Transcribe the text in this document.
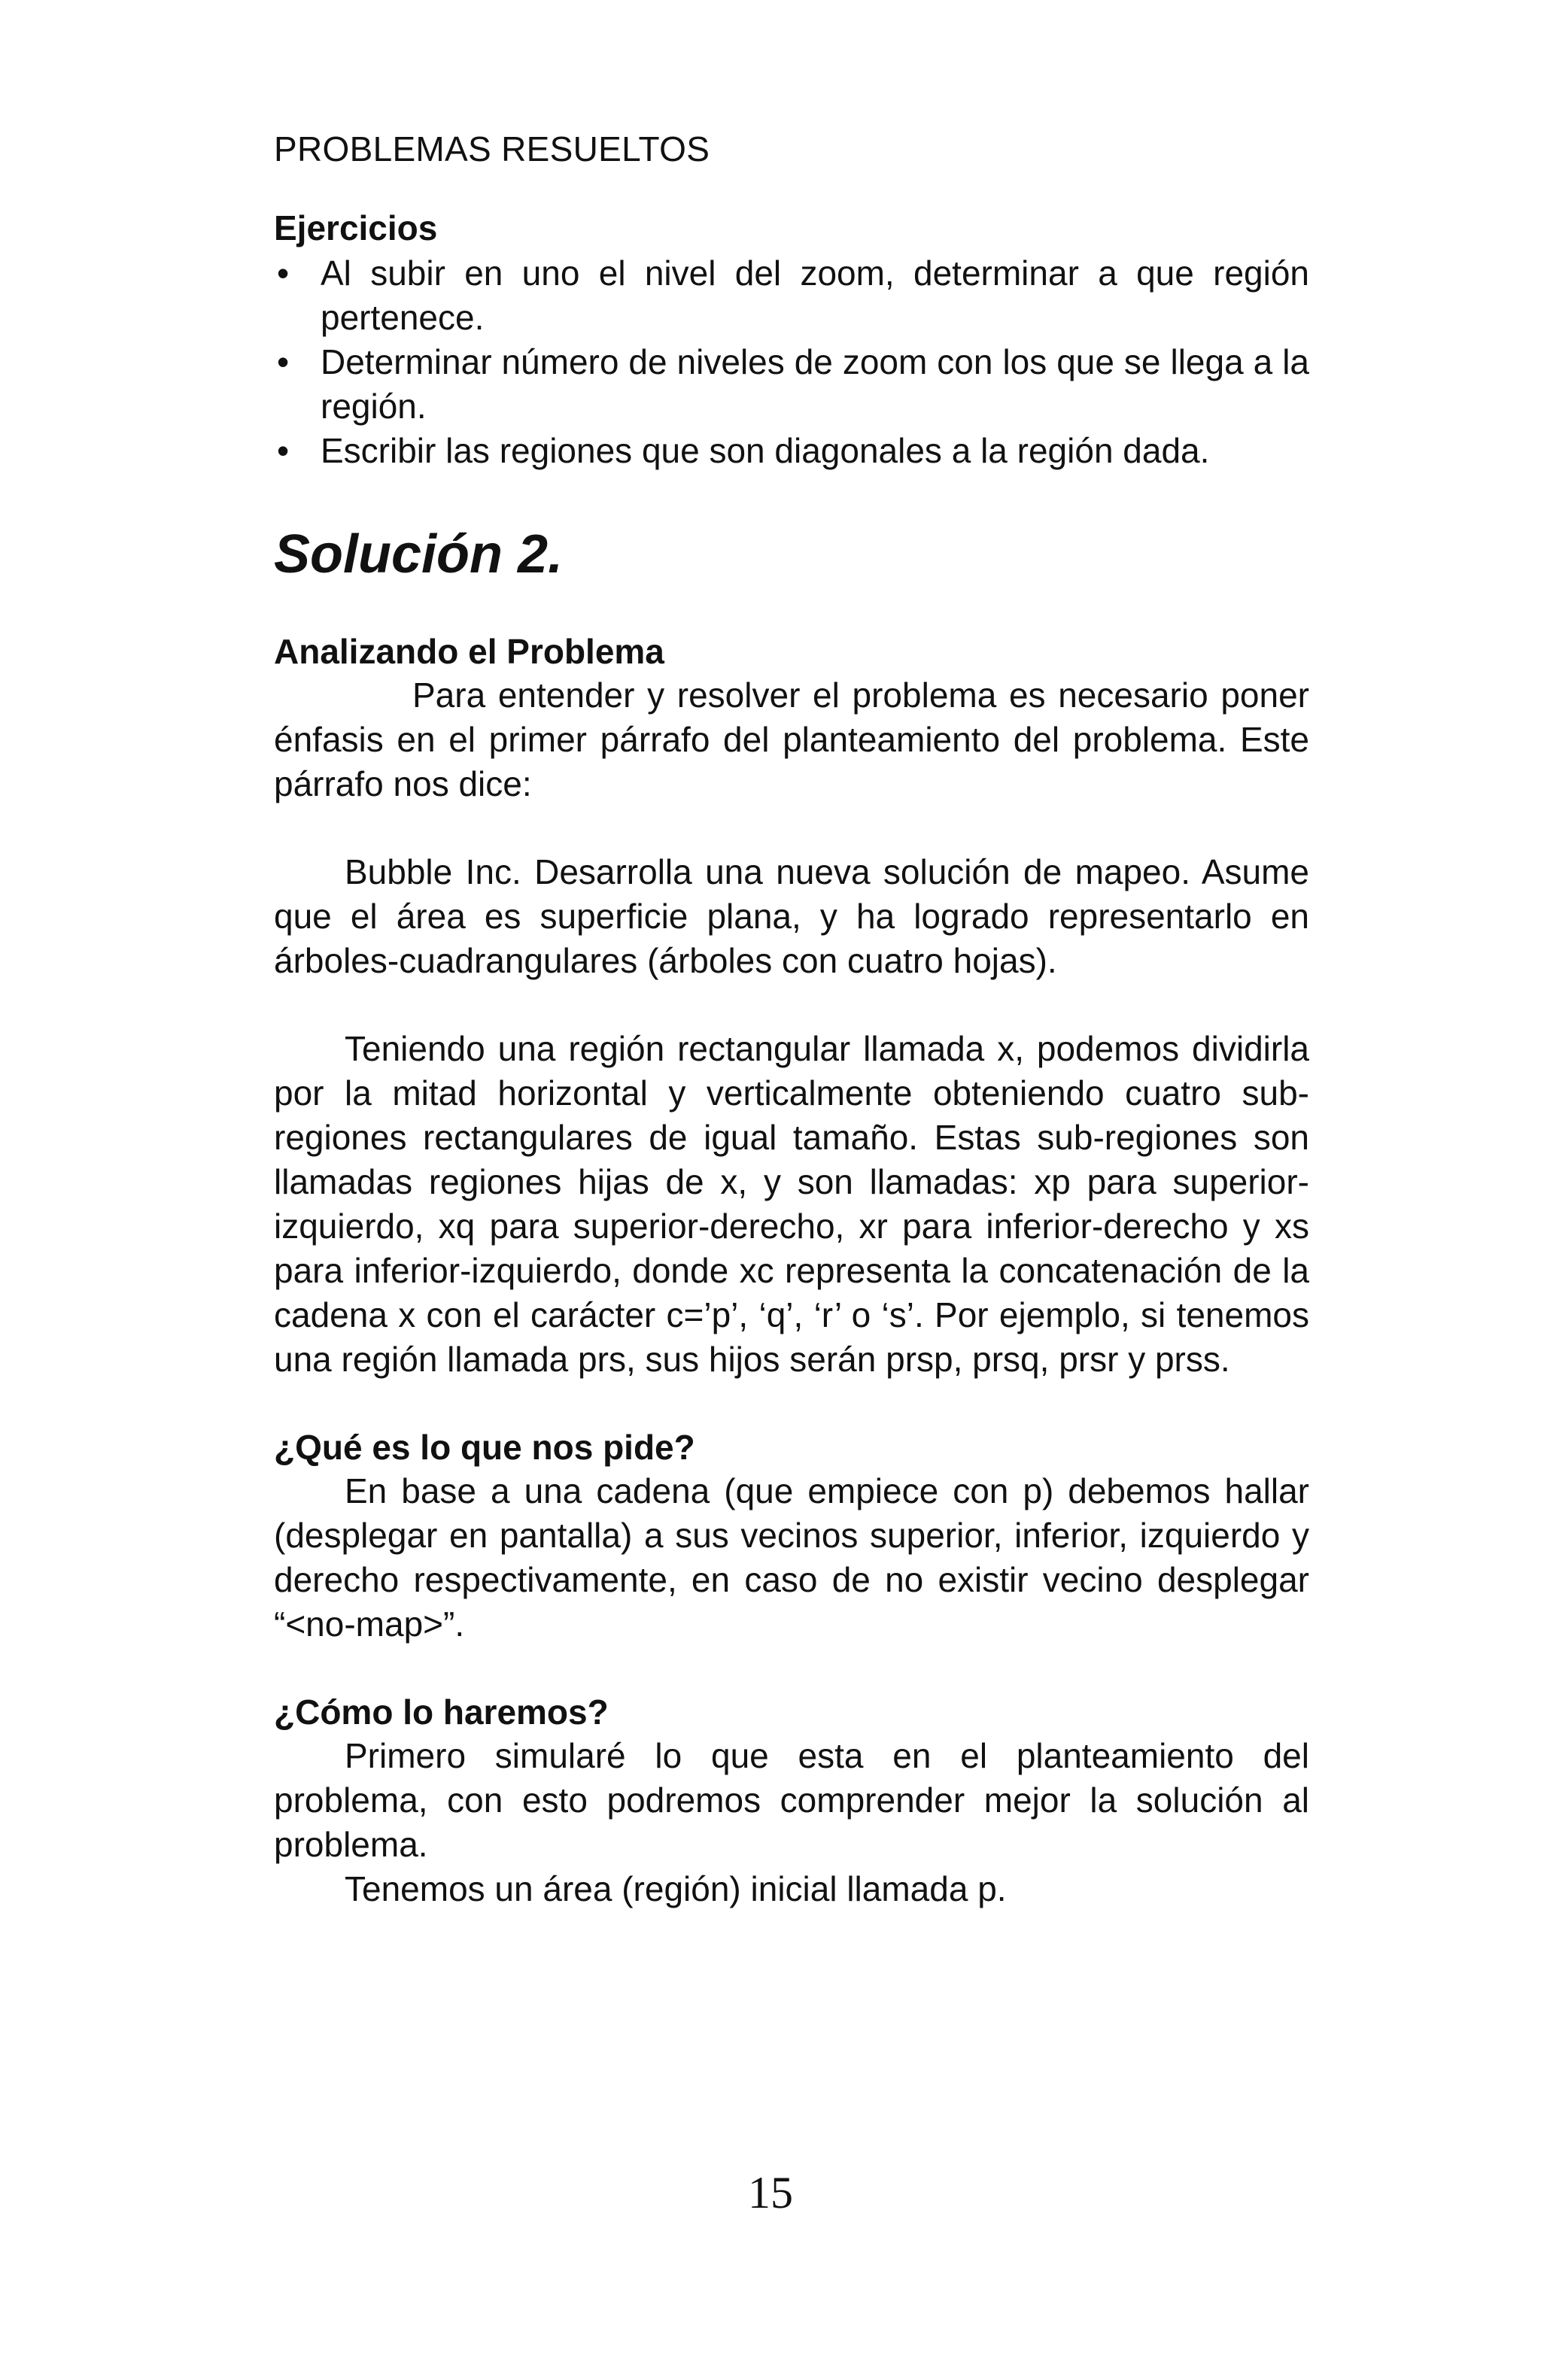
PROBLEMAS RESUELTOS
Ejercicios
• Al subir en uno el nivel del zoom, determinar a que región pertenece.
• Determinar número de niveles de zoom con los que se llega a la región.
• Escribir las regiones que son diagonales a la región dada.
Solución 2.
Analizando el Problema

Para entender y resolver el problema es necesario poner énfasis en el primer párrafo del planteamiento del problema. Este párrafo nos dice:

Bubble Inc. Desarrolla una nueva solución de mapeo. Asume que el área es superficie plana, y ha logrado representarlo en árboles-cuadrangulares (árboles con cuatro hojas).

Teniendo una región rectangular llamada x, podemos dividirla por la mitad horizontal y verticalmente obteniendo cuatro sub-regiones rectangulares de igual tamaño. Estas sub-regiones son llamadas regiones hijas de x, y son llamadas: xp para superior-izquierdo, xq para superior-derecho, xr para inferior-derecho y xs para inferior-izquierdo, donde xc representa la concatenación de la cadena x con el carácter c=’p’, ‘q’, ‘r’ o ‘s’. Por ejemplo, si tenemos una región llamada prs, sus hijos serán prsp, prsq, prsr y prss.

¿Qué es lo que nos pide?

En base a una cadena (que empiece con p) debemos hallar (desplegar en pantalla) a sus vecinos superior, inferior, izquierdo y derecho respectivamente, en caso de no existir vecino desplegar “<no-map>”.

¿Cómo lo haremos?

Primero simularé lo que esta en el planteamiento del problema, con esto podremos comprender mejor la solución al problema.

Tenemos un área (región) inicial llamada p.

15
